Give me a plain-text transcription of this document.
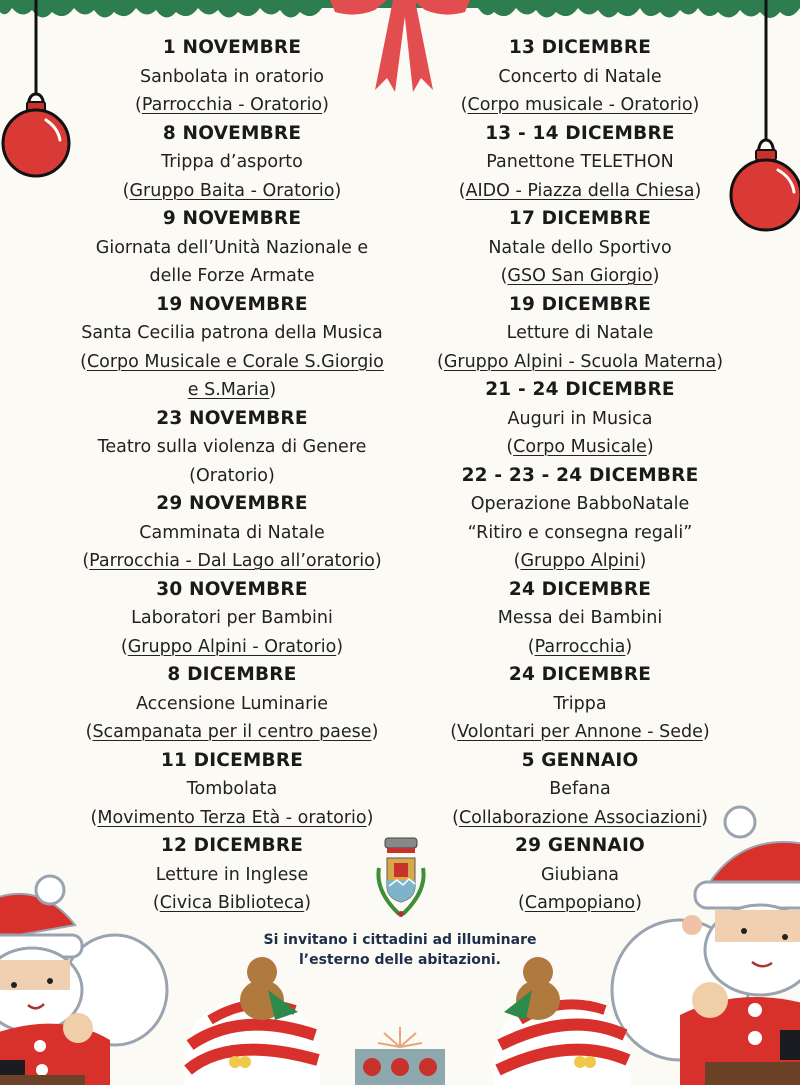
1 NOVEMBRE
Sanbolata in oratorio
(Parrocchia - Oratorio)
8 NOVEMBRE
Trippa d’asporto
(Gruppo Baita - Oratorio)
9 NOVEMBRE
Giornata dell’Unità Nazionale e
delle Forze Armate
19 NOVEMBRE
Santa Cecilia patrona della Musica
(Corpo Musicale e Corale S.Giorgio
e S.Maria)
23 NOVEMBRE
Teatro sulla violenza di Genere
(Oratorio)
29 NOVEMBRE
Camminata di Natale
(Parrocchia - Dal Lago all’oratorio)
30 NOVEMBRE
Laboratori per Bambini
(Gruppo Alpini - Oratorio)
8 DICEMBRE
Accensione Luminarie
(Scampanata per il centro paese)
11 DICEMBRE
Tombolata
(Movimento Terza Età - oratorio)
12 DICEMBRE
Letture in Inglese
(Civica Biblioteca)
13 DICEMBRE
Concerto di Natale
(Corpo musicale - Oratorio)
13 - 14 DICEMBRE
Panettone TELETHON
(AIDO - Piazza della Chiesa)
17 DICEMBRE
Natale dello Sportivo
(GSO San Giorgio)
19 DICEMBRE
Letture di Natale
(Gruppo Alpini - Scuola Materna)
21 - 24 DICEMBRE
Auguri in Musica
(Corpo Musicale)
22 - 23 - 24 DICEMBRE
Operazione BabboNatale
“Ritiro e consegna regali”
(Gruppo Alpini)
24 DICEMBRE
Messa dei Bambini
(Parrocchia)
24 DICEMBRE
Trippa
(Volontari per Annone - Sede)
5 GENNAIO
Befana
(Collaborazione Associazioni)
29 GENNAIO
Giubiana
(Campopiano)
Si invitano i cittadini ad illuminare
l’esterno delle abitazioni.
